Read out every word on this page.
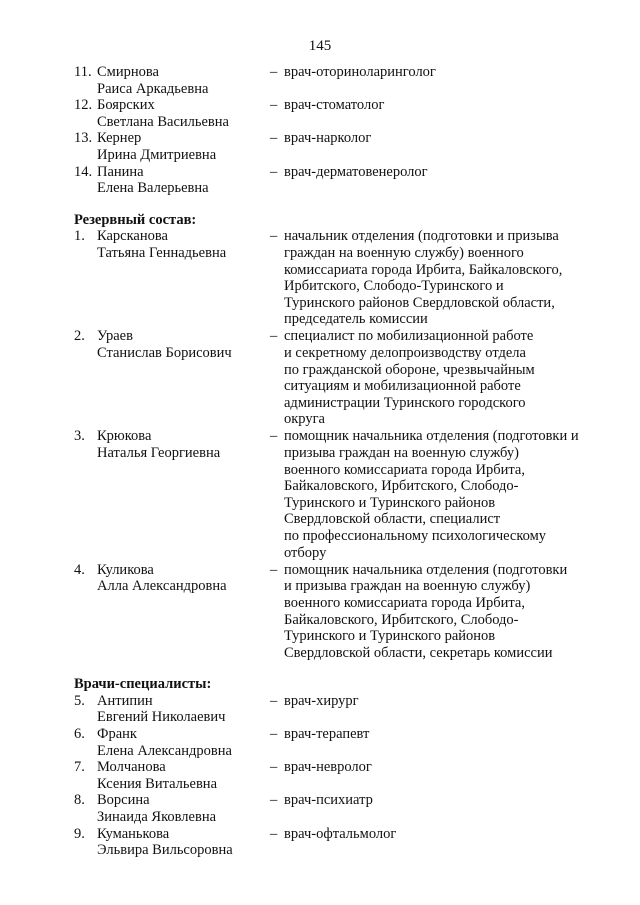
145
11. Смирнова
Раиса Аркадьевна
– врач-оториноларинголог
12. Боярских
Светлана Васильевна
– врач-стоматолог
13. Кернер
Ирина Дмитриевна
– врач-нарколог
14. Панина
Елена Валерьевна
– врач-дерматовенеролог
Резервный состав:
1. Карсканова
Татьяна Геннадьевна
– начальник отделения (подготовки и призыва
граждан на военную службу) военного
комиссариата города Ирбита, Байкаловского,
Ирбитского, Слободо-Туринского и
Туринского районов Свердловской области,
председатель комиссии
2. Ураев
Станислав Борисович
– специалист по мобилизационной работе
и секретному делопроизводству отдела
по гражданской обороне, чрезвычайным
ситуациям и мобилизационной работе
администрации Туринского городского
округа
3. Крюкова
Наталья Георгиевна
– помощник начальника отделения (подготовки и
призыва граждан на военную службу)
военного комиссариата города Ирбита,
Байкаловского, Ирбитского, Слободо-
Туринского и Туринского районов
Свердловской области, специалист
по профессиональному психологическому
отбору
4. Куликова
Алла Александровна
– помощник начальника отделения (подготовки
и призыва граждан на военную службу)
военного комиссариата города Ирбита,
Байкаловского, Ирбитского, Слободо-
Туринского и Туринского районов
Свердловской области, секретарь комиссии
Врачи-специалисты:
5. Антипин
Евгений Николаевич
– врач-хирург
6. Франк
Елена Александровна
– врач-терапевт
7. Молчанова
Ксения Витальевна
– врач-невролог
8. Ворсина
Зинаида Яковлевна
– врач-психиатр
9. Куманькова
Эльвира Вильсоровна
– врач-офтальмолог
